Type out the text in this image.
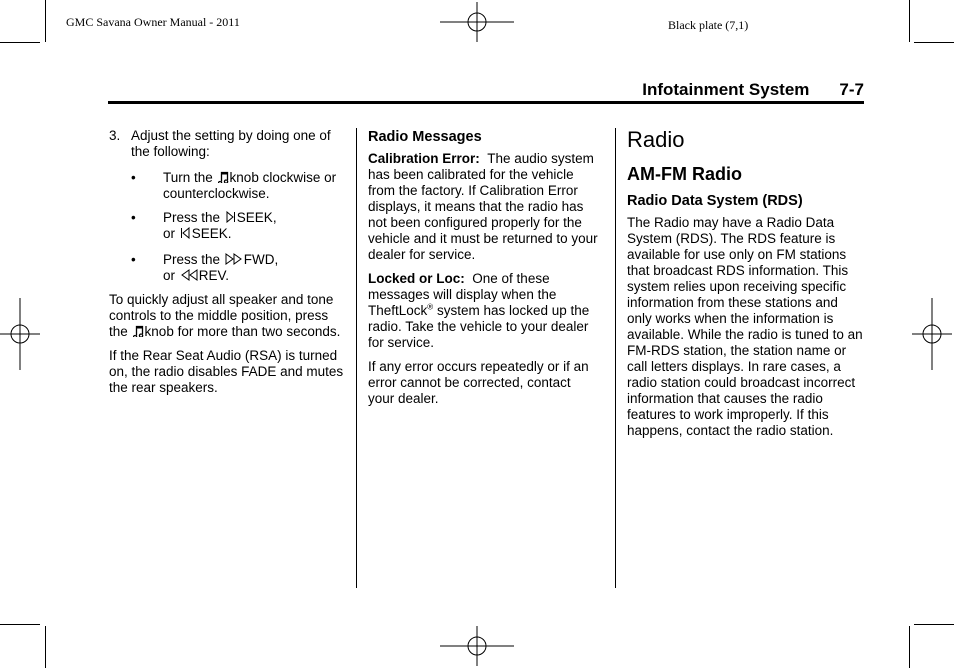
GMC Savana Owner Manual - 2011	Black plate (7,1)
Infotainment System 7-7

3. Adjust the setting by doing one of the following:

• Turn the knob clockwise or counterclockwise.

• Press the SEEK,
or SEEK.

• Press the FWD,
or REV.

To quickly adjust all speaker and tone controls to the middle position, press the knob for more than two seconds.

If the Rear Seat Audio (RSA) is turned on, the radio disables FADE and mutes the rear speakers.

Radio Messages

Calibration Error: The audio system has been calibrated for the vehicle from the factory. If Calibration Error displays, it means that the radio has not been configured properly for the vehicle and it must be returned to your dealer for service.

Locked or Loc: One of these messages will display when the TheftLock® system has locked up the radio. Take the vehicle to your dealer for service.

If any error occurs repeatedly or if an error cannot be corrected, contact your dealer.

Radio

AM-FM Radio

Radio Data System (RDS)

The Radio may have a Radio Data System (RDS). The RDS feature is available for use only on FM stations that broadcast RDS information. This system relies upon receiving specific information from these stations and only works when the information is available. While the radio is tuned to an FM-RDS station, the station name or call letters displays. In rare cases, a radio station could broadcast incorrect information that causes the radio features to work improperly. If this happens, contact the radio station.
